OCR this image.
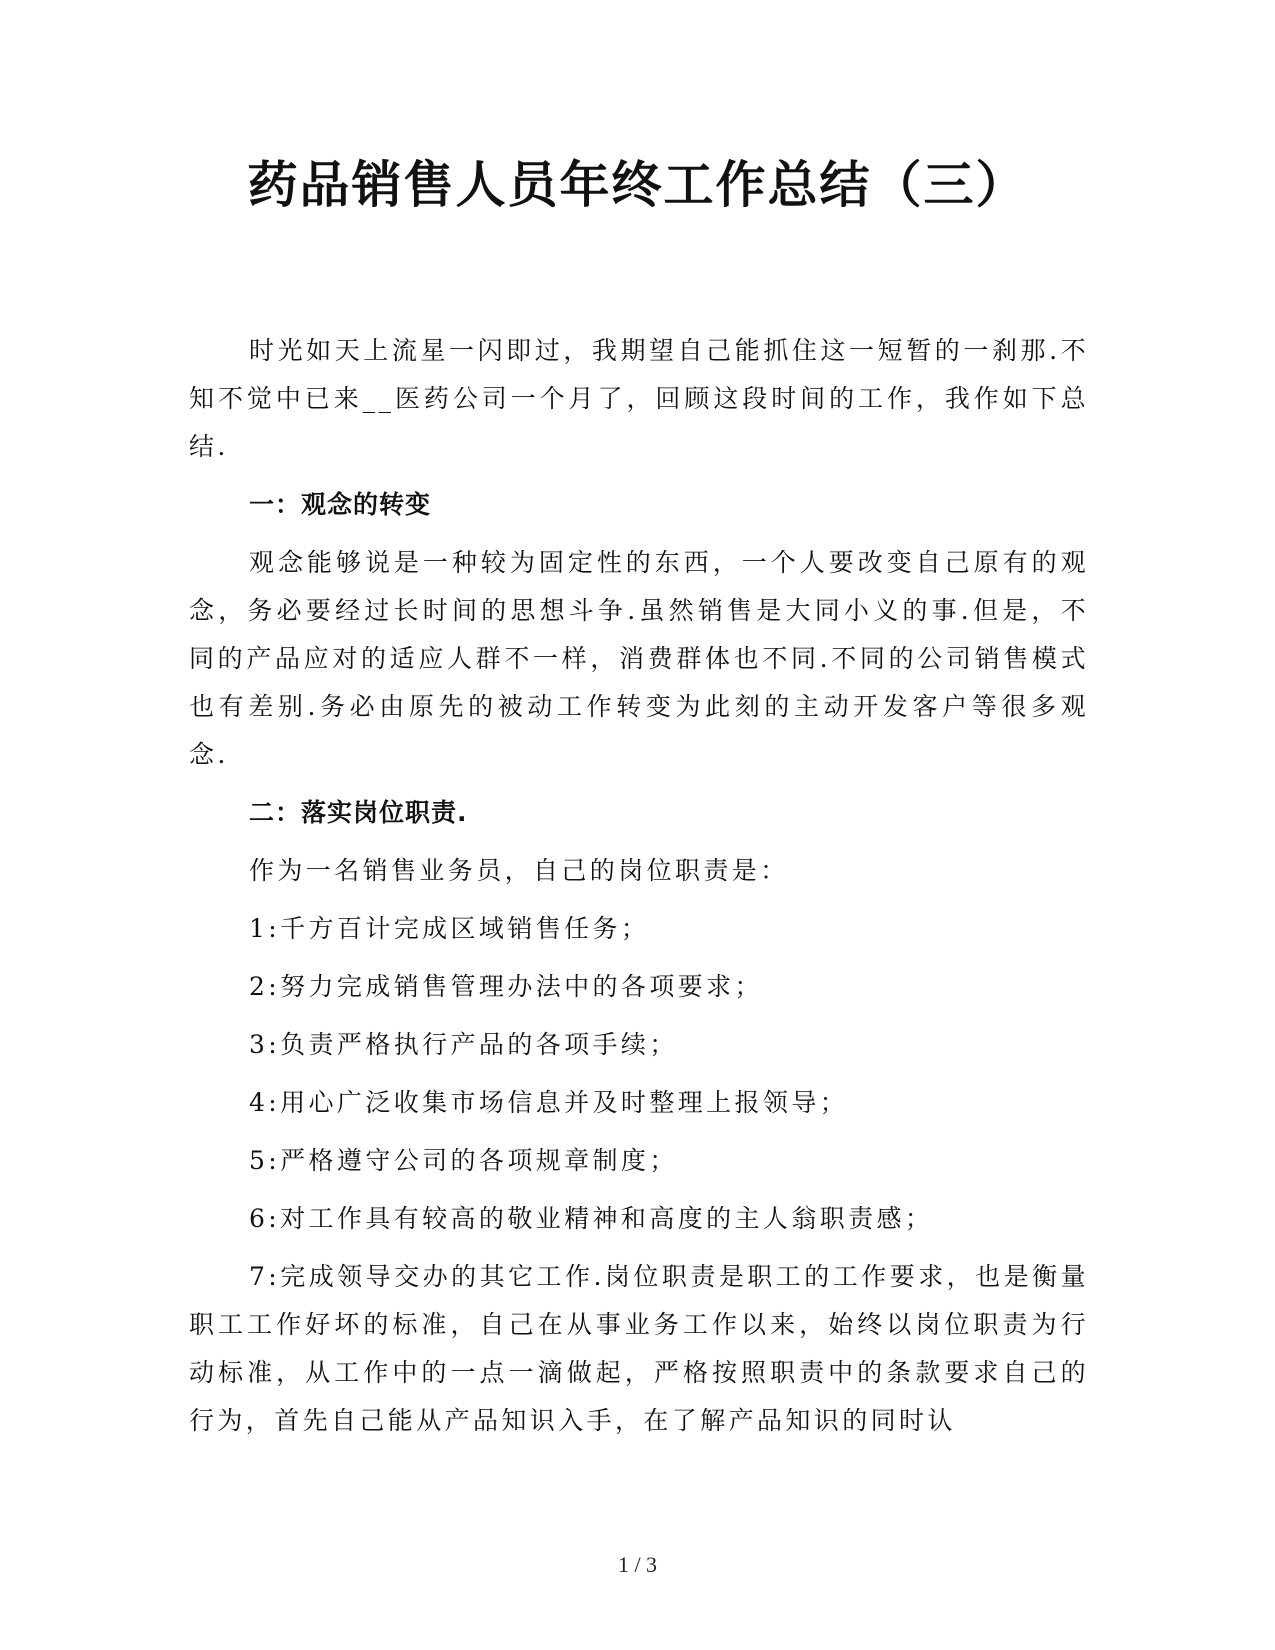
药品销售人员年终工作总结（三）

时光如天上流星一闪即过，我期望自己能抓住这一短暂的一刹那.不知不觉中已来__医药公司一个月了，回顾这段时间的工作，我作如下总结.

一：观念的转变

观念能够说是一种较为固定性的东西，一个人要改变自己原有的观念，务必要经过长时间的思想斗争.虽然销售是大同小义的事.但是，不同的产品应对的适应人群不一样，消费群体也不同.不同的公司销售模式也有差别.务必由原先的被动工作转变为此刻的主动开发客户等很多观念.

二：落实岗位职责.

作为一名销售业务员，自己的岗位职责是：

1:千方百计完成区域销售任务；

2:努力完成销售管理办法中的各项要求；

3:负责严格执行产品的各项手续；

4:用心广泛收集市场信息并及时整理上报领导；

5:严格遵守公司的各项规章制度；

6:对工作具有较高的敬业精神和高度的主人翁职责感；

7:完成领导交办的其它工作.岗位职责是职工的工作要求，也是衡量职工工作好坏的标准，自己在从事业务工作以来，始终以岗位职责为行动标准，从工作中的一点一滴做起，严格按照职责中的条款要求自己的行为，首先自己能从产品知识入手，在了解产品知识的同时认

1 / 3
